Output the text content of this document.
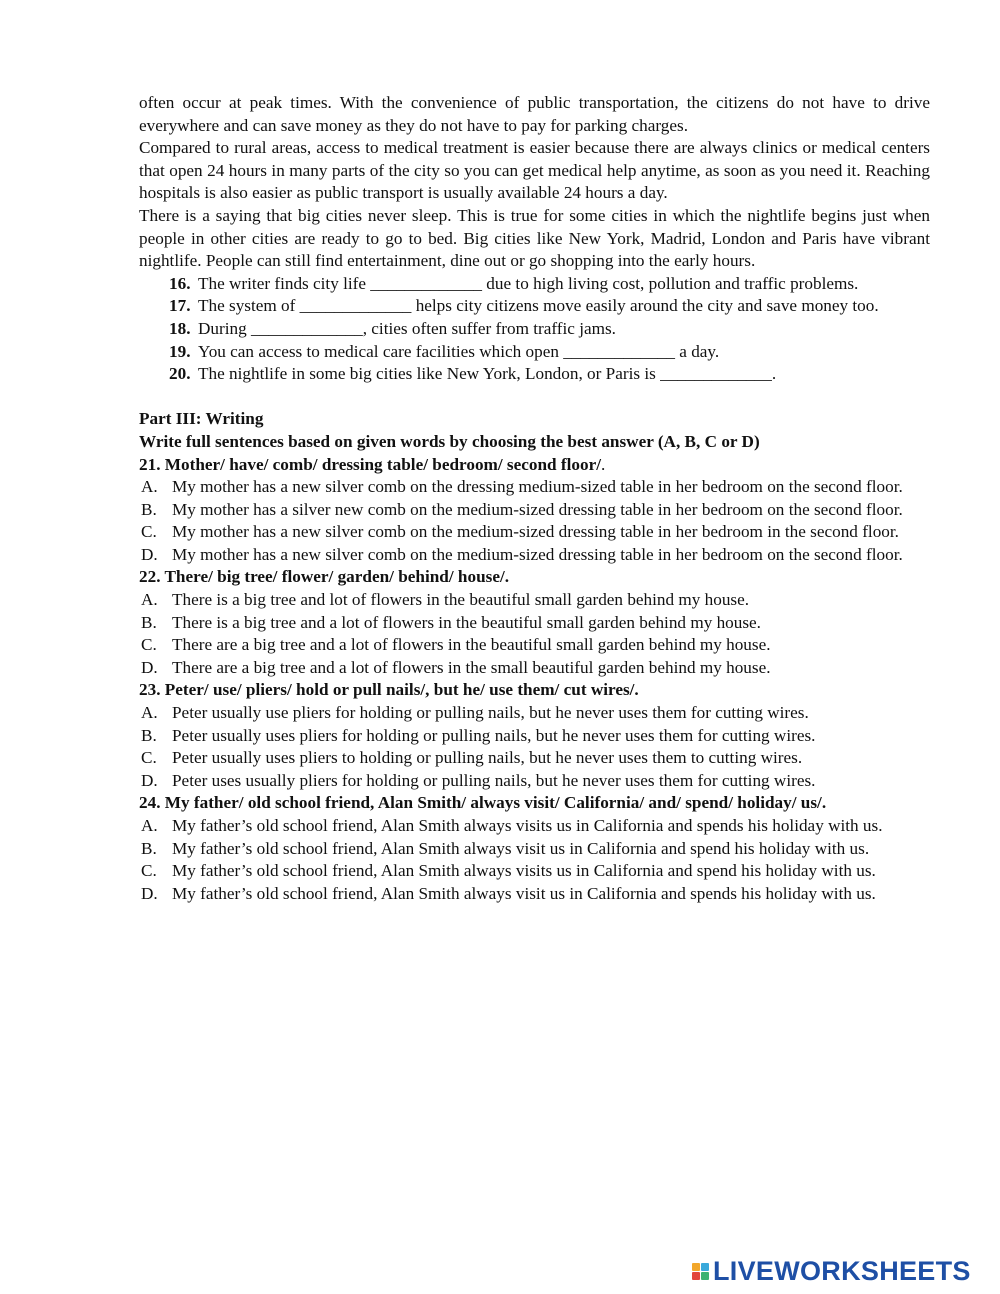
often occur at peak times. With the convenience of public transportation, the citizens do not have to drive everywhere and can save money as they do not have to pay for parking charges.

Compared to rural areas, access to medical treatment is easier because there are always clinics or medical centers that open 24 hours in many parts of the city so you can get medical help anytime, as soon as you need it. Reaching hospitals is also easier as public transport is usually available 24 hours a day.

There is a saying that big cities never sleep. This is true for some cities in which the nightlife begins just when people in other cities are ready to go to bed. Big cities like New York, Madrid, London and Paris have vibrant nightlife. People can still find entertainment, dine out or go shopping into the early hours.

16. The writer finds city life _____________ due to high living cost, pollution and traffic problems.
17. The system of _____________ helps city citizens move easily around the city and save money too.
18. During _____________, cities often suffer from traffic jams.
19. You can access to medical care facilities which open _____________ a day.
20. The nightlife in some big cities like New York, London, or Paris is _____________.

Part III: Writing

Write full sentences based on given words by choosing the best answer (A, B, C or D)

21. Mother/ have/ comb/ dressing table/ bedroom/ second floor/.

A. My mother has a new silver comb on the dressing medium-sized table in her bedroom on the second floor.
B. My mother has a silver new comb on the medium-sized dressing table in her bedroom on the second floor.
C. My mother has a new silver comb on the medium-sized dressing table in her bedroom in the second floor.
D. My mother has a new silver comb on the medium-sized dressing table in her bedroom on the second floor.

22. There/ big tree/ flower/ garden/ behind/ house/.

A. There is a big tree and lot of flowers in the beautiful small garden behind my house.
B. There is a big tree and a lot of flowers in the beautiful small garden behind my house.
C. There are a big tree and a lot of flowers in the beautiful small garden behind my house.
D. There are a big tree and a lot of flowers in the small beautiful garden behind my house.

23. Peter/ use/ pliers/ hold or pull nails/, but he/ use them/ cut wires/.

A. Peter usually use pliers for holding or pulling nails, but he never uses them for cutting wires.
B. Peter usually uses pliers for holding or pulling nails, but he never uses them for cutting wires.
C. Peter usually uses pliers to holding or pulling nails, but he never uses them to cutting wires.
D. Peter uses usually pliers for holding or pulling nails, but he never uses them for cutting wires.

24. My father/ old school friend, Alan Smith/ always visit/ California/ and/ spend/ holiday/ us/.

A. My father’s old school friend, Alan Smith always visits us in California and spends his holiday with us.
B. My father’s old school friend, Alan Smith always visit us in California and spend his holiday with us.
C. My father’s old school friend, Alan Smith always visits us in California and spend his holiday with us.
D. My father’s old school friend, Alan Smith always visit us in California and spends his holiday with us.
LIVEWORKSHEETS
